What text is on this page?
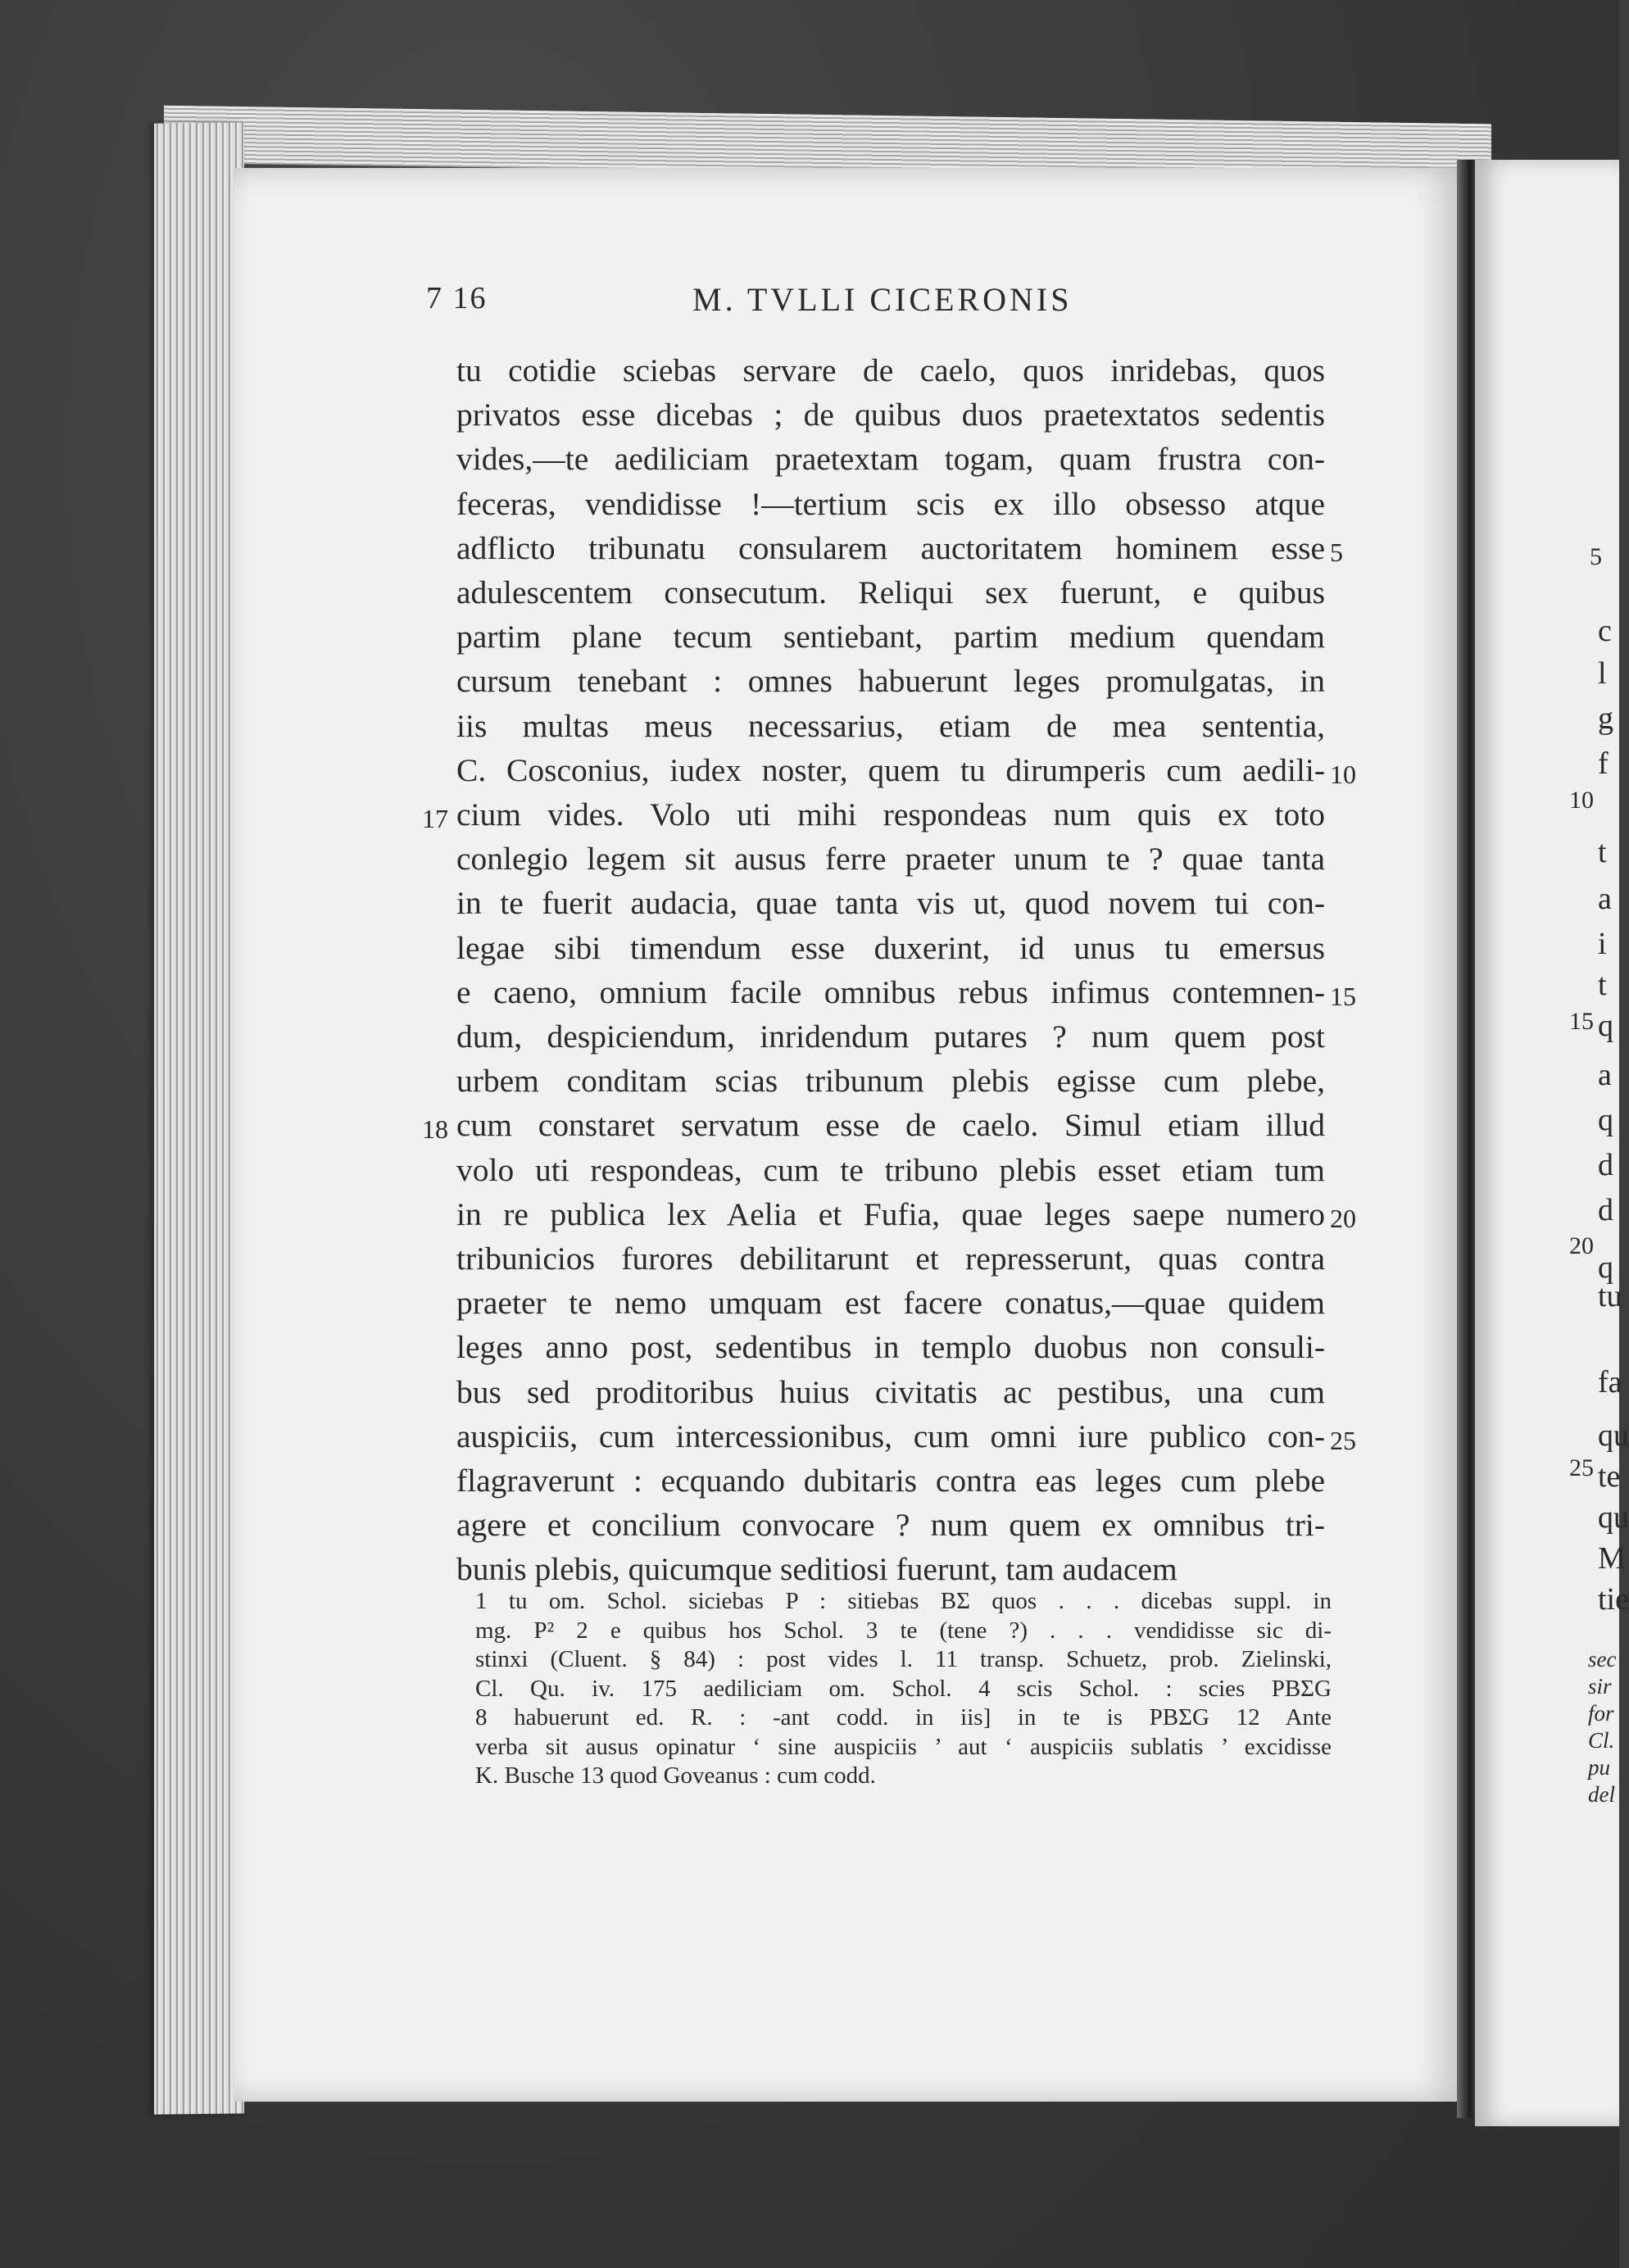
7 16	M. TVLLI CICERONIS
tu cotidie sciebas servare de caelo, quos inridebas, quos
privatos esse dicebas ; de quibus duos praetextatos sedentis
vides,—te aediliciam praetextam togam, quam frustra con-
feceras, vendidisse !—tertium scis ex illo obsesso atque
adflicto tribunatu consularem auctoritatem hominem esse
adulescentem consecutum. Reliqui sex fuerunt, e quibus
partim plane tecum sentiebant, partim medium quendam
cursum tenebant : omnes habuerunt leges promulgatas, in
iis multas meus necessarius, etiam de mea sententia,
C. Cosconius, iudex noster, quem tu dirumperis cum aedili-
cium vides. Volo uti mihi respondeas num quis ex toto
conlegio legem sit ausus ferre praeter unum te ? quae tanta
in te fuerit audacia, quae tanta vis ut, quod novem tui con-
legae sibi timendum esse duxerint, id unus tu emersus
e caeno, omnium facile omnibus rebus infimus contemnen-
dum, despiciendum, inridendum putares ? num quem post
urbem conditam scias tribunum plebis egisse cum plebe,
cum constaret servatum esse de caelo. Simul etiam illud
volo uti respondeas, cum te tribuno plebis esset etiam tum
in re publica lex Aelia et Fufia, quae leges saepe numero
tribunicios furores debilitarunt et represserunt, quas contra
praeter te nemo umquam est facere conatus,—quae quidem
leges anno post, sedentibus in templo duobus non consuli-
bus sed proditoribus huius civitatis ac pestibus, una cum
auspiciis, cum intercessionibus, cum omni iure publico con-
flagraverunt : ecquando dubitaris contra eas leges cum plebe
agere et concilium convocare ? num quem ex omnibus tri-
bunis plebis, quicumque seditiosi fuerunt, tam audacem
5
10
15
20
25
17
18
1 tu om. Schol. siciebas P : sitiebas BΣ quos . . . dicebas suppl. in
mg. P² 2 e quibus hos Schol. 3 te (tene ?) . . . vendidisse sic di-
stinxi (Cluent. § 84) : post vides l. 11 transp. Schuetz, prob. Zielinski,
Cl. Qu. iv. 175 aediliciam om. Schol. 4 scis Schol. : scies PBΣG
8 habuerunt ed. R. : -ant codd. in iis] in te is PBΣG 12 Ante
verba sit ausus opinatur ‘ sine auspiciis ’ aut ‘ auspiciis sublatis ’ excidisse
K. Busche 13 quod Goveanus : cum codd.
5
10
15
20
25
c
l
g
f
t
a
i
t
q
a
q
d
d
q
tu
fa
qu
te
qu
M
tie
sec
sir
for
Cl.
pu
del
